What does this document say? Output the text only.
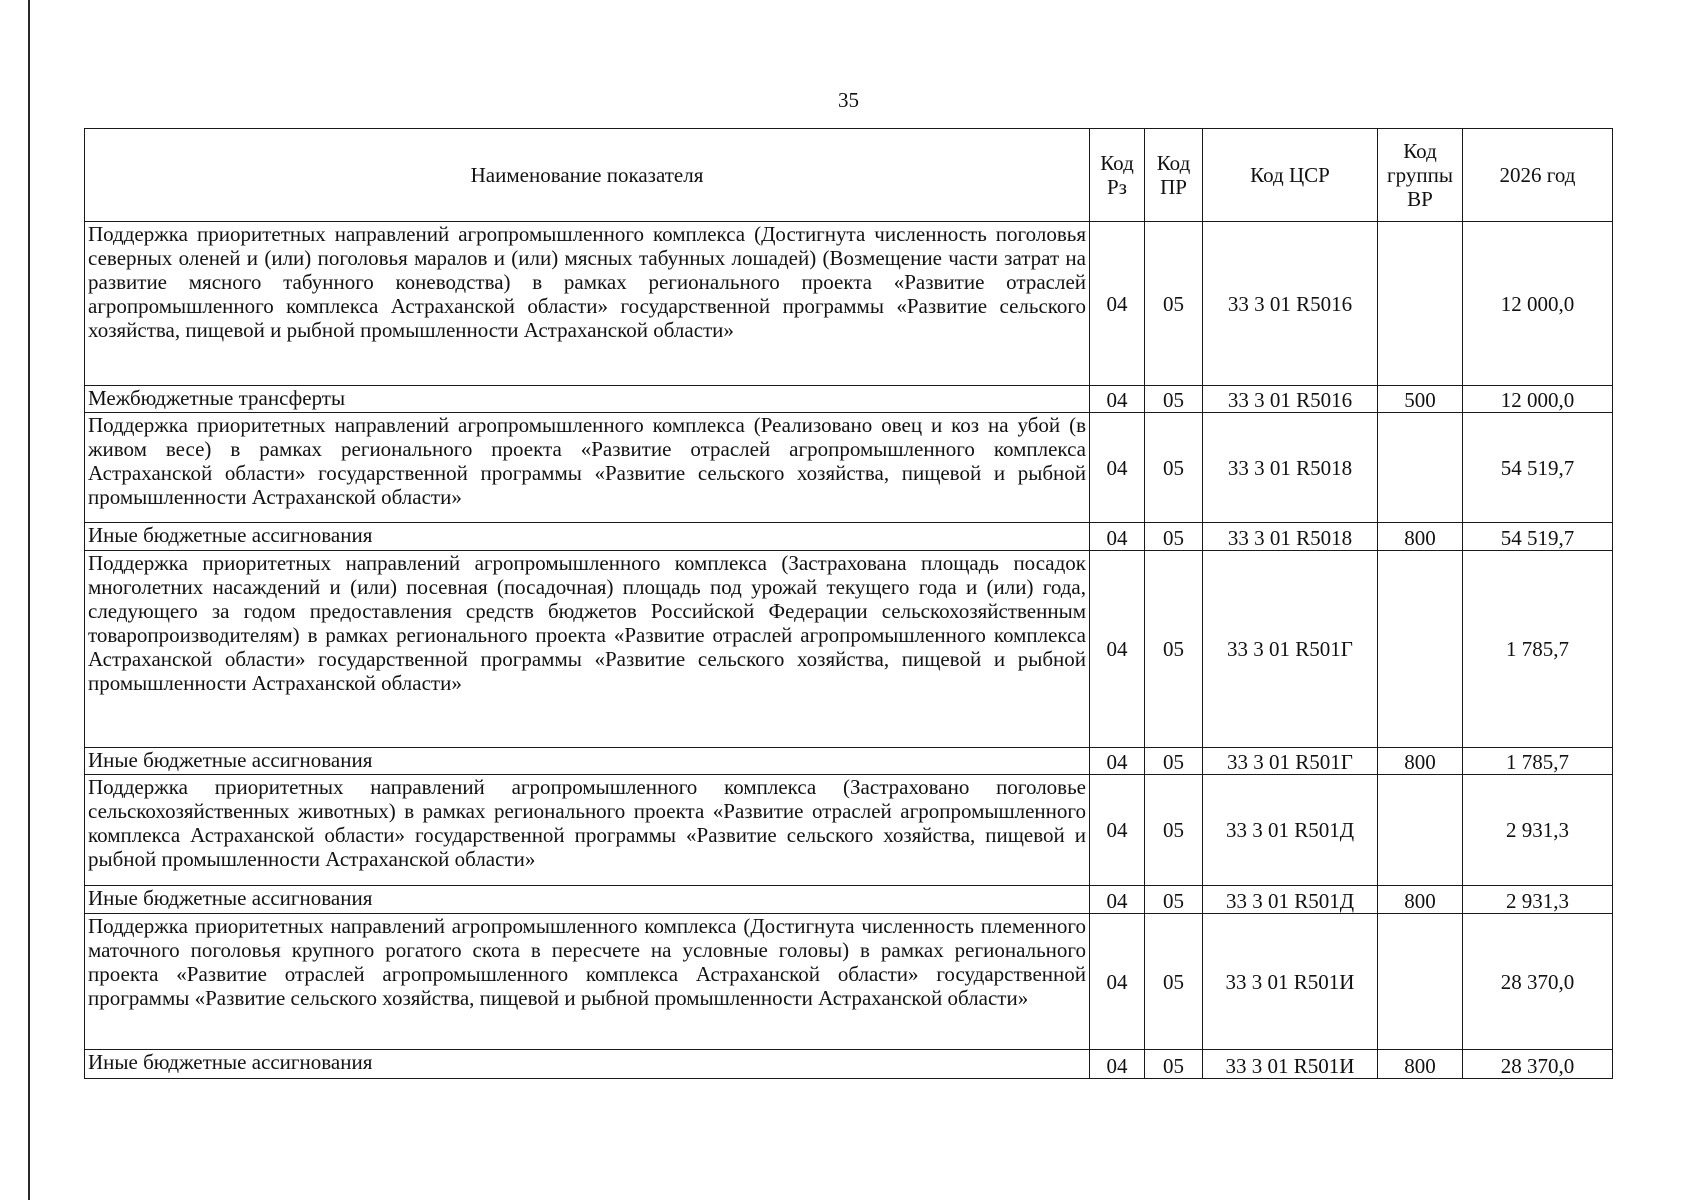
35
Наименование показателя	Код Рз	Код ПР	Код ЦСР	Код группы ВР	2026 год
Поддержка приоритетных направлений агропромышленного комплекса (Достигнута численность поголовья северных оленей и (или) поголовья маралов и (или) мясных табунных лошадей) (Возмещение части затрат на развитие мясного табунного коневодства) в рамках регионального проекта «Развитие отраслей агропромышленного комплекса Астраханской области» государственной программы «Развитие сельского хозяйства, пищевой и рыбной промышленности Астраханской области»	04	05	33 3 01 R5016		12 000,0
Межбюджетные трансферты	04	05	33 3 01 R5016	500	12 000,0
Поддержка приоритетных направлений агропромышленного комплекса (Реализовано овец и коз на убой (в живом весе) в рамках регионального проекта «Развитие отраслей агропромышленного комплекса Астраханской области» государственной программы «Развитие сельского хозяйства, пищевой и рыбной промышленности Астраханской области»	04	05	33 3 01 R5018		54 519,7
Иные бюджетные ассигнования	04	05	33 3 01 R5018	800	54 519,7
Поддержка приоритетных направлений агропромышленного комплекса (Застрахована площадь посадок многолетних насаждений и (или) посевная (посадочная) площадь под урожай текущего года и (или) года, следующего за годом предоставления средств бюджетов Российской Федерации сельскохозяйственным товаропроизводителям) в рамках регионального проекта «Развитие отраслей агропромышленного комплекса Астраханской области» государственной программы «Развитие сельского хозяйства, пищевой и рыбной промышленности Астраханской области»	04	05	33 3 01 R501Г		1 785,7
Иные бюджетные ассигнования	04	05	33 3 01 R501Г	800	1 785,7
Поддержка приоритетных направлений агропромышленного комплекса (Застраховано поголовье сельскохозяйственных животных) в рамках регионального проекта «Развитие отраслей агропромышленного комплекса Астраханской области» государственной программы «Развитие сельского хозяйства, пищевой и рыбной промышленности Астраханской области»	04	05	33 3 01 R501Д		2 931,3
Иные бюджетные ассигнования	04	05	33 3 01 R501Д	800	2 931,3
Поддержка приоритетных направлений агропромышленного комплекса (Достигнута численность племенного маточного поголовья крупного рогатого скота в пересчете на условные головы) в рамках регионального проекта «Развитие отраслей агропромышленного комплекса Астраханской области» государственной программы «Развитие сельского хозяйства, пищевой и рыбной промышленности Астраханской области»	04	05	33 3 01 R501И		28 370,0
Иные бюджетные ассигнования	04	05	33 3 01 R501И	800	28 370,0
